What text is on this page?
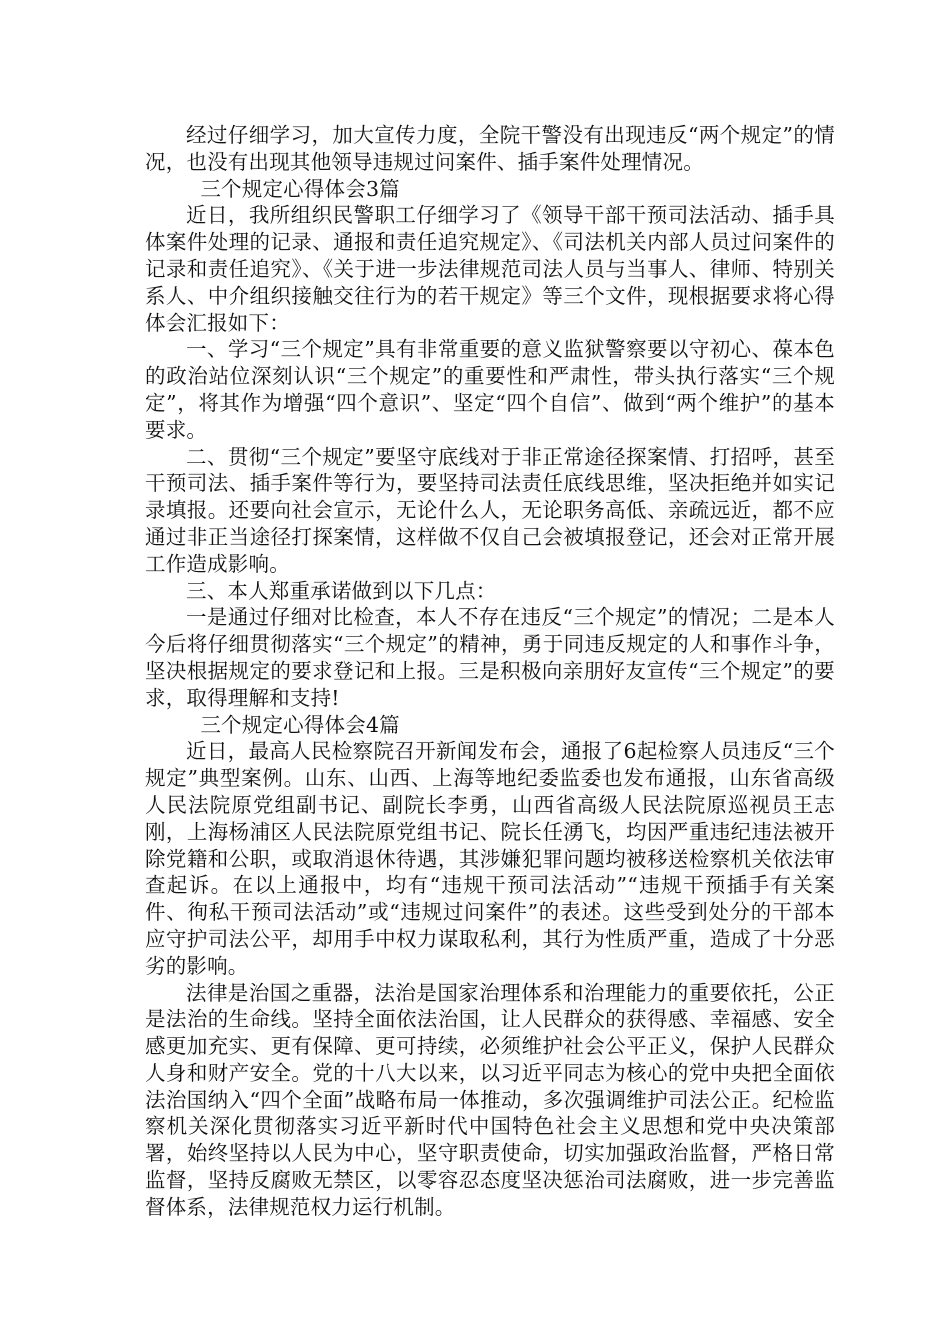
经过仔细学习，加大宣传力度，全院干警没有出现违反“两个规定”的情况，也没有出现其他领导违规过问案件、插手案件处理情况。

三个规定心得体会3篇

近日，我所组织民警职工仔细学习了《领导干部干预司法活动、插手具体案件处理的记录、通报和责任追究规定》、《司法机关内部人员过问案件的记录和责任追究》、《关于进一步法律规范司法人员与当事人、律师、特别关系人、中介组织接触交往行为的若干规定》等三个文件，现根据要求将心得体会汇报如下：

一、学习“三个规定”具有非常重要的意义监狱警察要以守初心、葆本色的政治站位深刻认识“三个规定”的重要性和严肃性，带头执行落实“三个规定”，将其作为增强“四个意识”、坚定“四个自信”、做到“两个维护”的基本要求。

二、贯彻“三个规定”要坚守底线对于非正常途径探案情、打招呼，甚至干预司法、插手案件等行为，要坚持司法责任底线思维，坚决拒绝并如实记录填报。还要向社会宣示，无论什么人，无论职务高低、亲疏远近，都不应通过非正当途径打探案情，这样做不仅自己会被填报登记，还会对正常开展工作造成影响。

三、本人郑重承诺做到以下几点：

一是通过仔细对比检查，本人不存在违反“三个规定”的情况；二是本人今后将仔细贯彻落实“三个规定”的精神，勇于同违反规定的人和事作斗争，坚决根据规定的要求登记和上报。三是积极向亲朋好友宣传“三个规定”的要求，取得理解和支持!

三个规定心得体会4篇

近日，最高人民检察院召开新闻发布会，通报了6起检察人员违反“三个规定”典型案例。山东、山西、上海等地纪委监委也发布通报，山东省高级人民法院原党组副书记、副院长李勇，山西省高级人民法院原巡视员王志刚，上海杨浦区人民法院原党组书记、院长任湧飞，均因严重违纪违法被开除党籍和公职，或取消退休待遇，其涉嫌犯罪问题均被移送检察机关依法审查起诉。在以上通报中，均有“违规干预司法活动”“违规干预插手有关案件、徇私干预司法活动”或“违规过问案件”的表述。这些受到处分的干部本应守护司法公平，却用手中权力谋取私利，其行为性质严重，造成了十分恶劣的影响。

法律是治国之重器，法治是国家治理体系和治理能力的重要依托，公正是法治的生命线。坚持全面依法治国，让人民群众的获得感、幸福感、安全感更加充实、更有保障、更可持续，必须维护社会公平正义，保护人民群众人身和财产安全。党的十八大以来，以习近平同志为核心的党中央把全面依法治国纳入“四个全面”战略布局一体推动，多次强调维护司法公正。纪检监察机关深化贯彻落实习近平新时代中国特色社会主义思想和党中央决策部署，始终坚持以人民为中心，坚守职责使命，切实加强政治监督，严格日常监督，坚持反腐败无禁区，以零容忍态度坚决惩治司法腐败，进一步完善监督体系，法律规范权力运行机制。
